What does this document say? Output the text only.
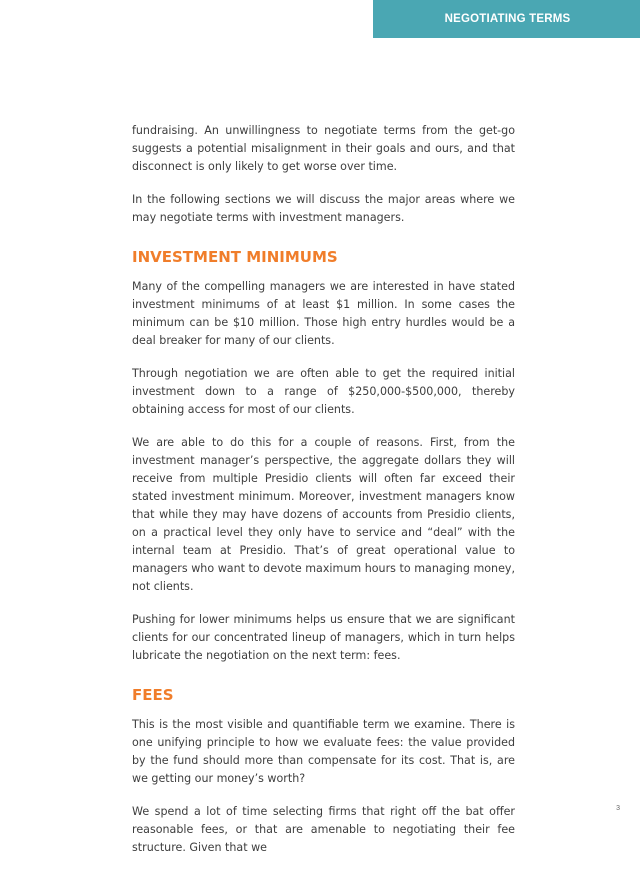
NEGOTIATING TERMS

fundraising. An unwillingness to negotiate terms from the get-go suggests a potential misalignment in their goals and ours, and that disconnect is only likely to get worse over time.

In the following sections we will discuss the major areas where we may negotiate terms with investment managers.

INVESTMENT MINIMUMS

Many of the compelling managers we are interested in have stated investment minimums of at least $1 million. In some cases the minimum can be $10 million. Those high entry hurdles would be a deal breaker for many of our clients.

Through negotiation we are often able to get the required initial investment down to a range of $250,000-$500,000, thereby obtaining access for most of our clients.

We are able to do this for a couple of reasons. First, from the investment manager’s perspective, the aggregate dollars they will receive from multiple Presidio clients will often far exceed their stated investment minimum. Moreover, investment managers know that while they may have dozens of accounts from Presidio clients, on a practical level they only have to service and “deal” with the internal team at Presidio. That’s of great operational value to managers who want to devote maximum hours to managing money, not clients.

Pushing for lower minimums helps us ensure that we are significant clients for our concentrated lineup of managers, which in turn helps lubricate the negotiation on the next term: fees.

FEES

This is the most visible and quantifiable term we examine. There is one unifying principle to how we evaluate fees: the value provided by the fund should more than compensate for its cost. That is, are we getting our money’s worth?

We spend a lot of time selecting firms that right off the bat offer reasonable fees, or that are amenable to negotiating their fee structure. Given that we

3
